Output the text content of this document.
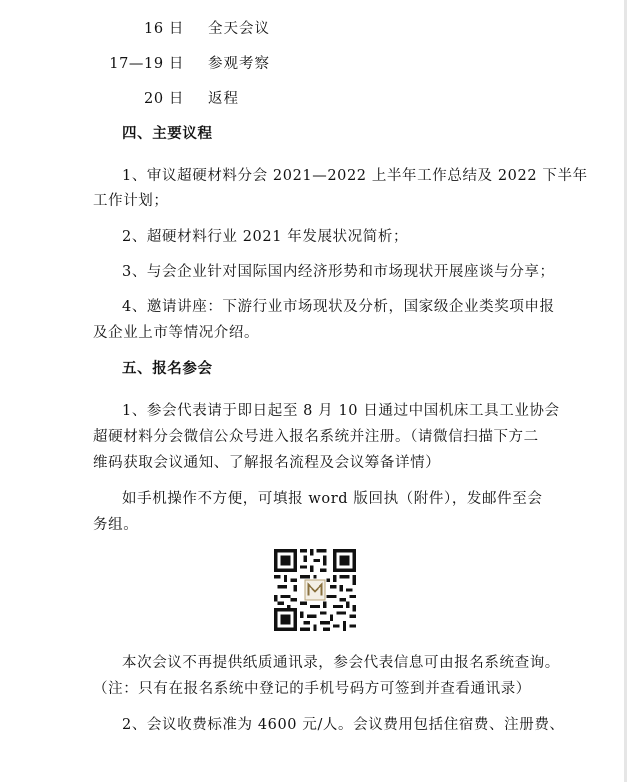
16 日 全天会议
17—19 日 参观考察
20 日 返程
四、主要议程
1、审议超硬材料分会 2021—2022 上半年工作总结及 2022 下半年
工作计划；
2、超硬材料行业 2021 年发展状况简析；
3、与会企业针对国际国内经济形势和市场现状开展座谈与分享；
4、邀请讲座：下游行业市场现状及分析，国家级企业类奖项申报
及企业上市等情况介绍。
五、报名参会
1、参会代表请于即日起至 8 月 10 日通过中国机床工具工业协会
超硬材料分会微信公众号进入报名系统并注册。（请微信扫描下方二
维码获取会议通知、了解报名流程及会议筹备详情）
如手机操作不方便，可填报 word 版回执（附件），发邮件至会
务组。
本次会议不再提供纸质通讯录，参会代表信息可由报名系统查询。
（注：只有在报名系统中登记的手机号码方可签到并查看通讯录）
2、会议收费标准为 4600 元/人。会议费用包括住宿费、注册费、
